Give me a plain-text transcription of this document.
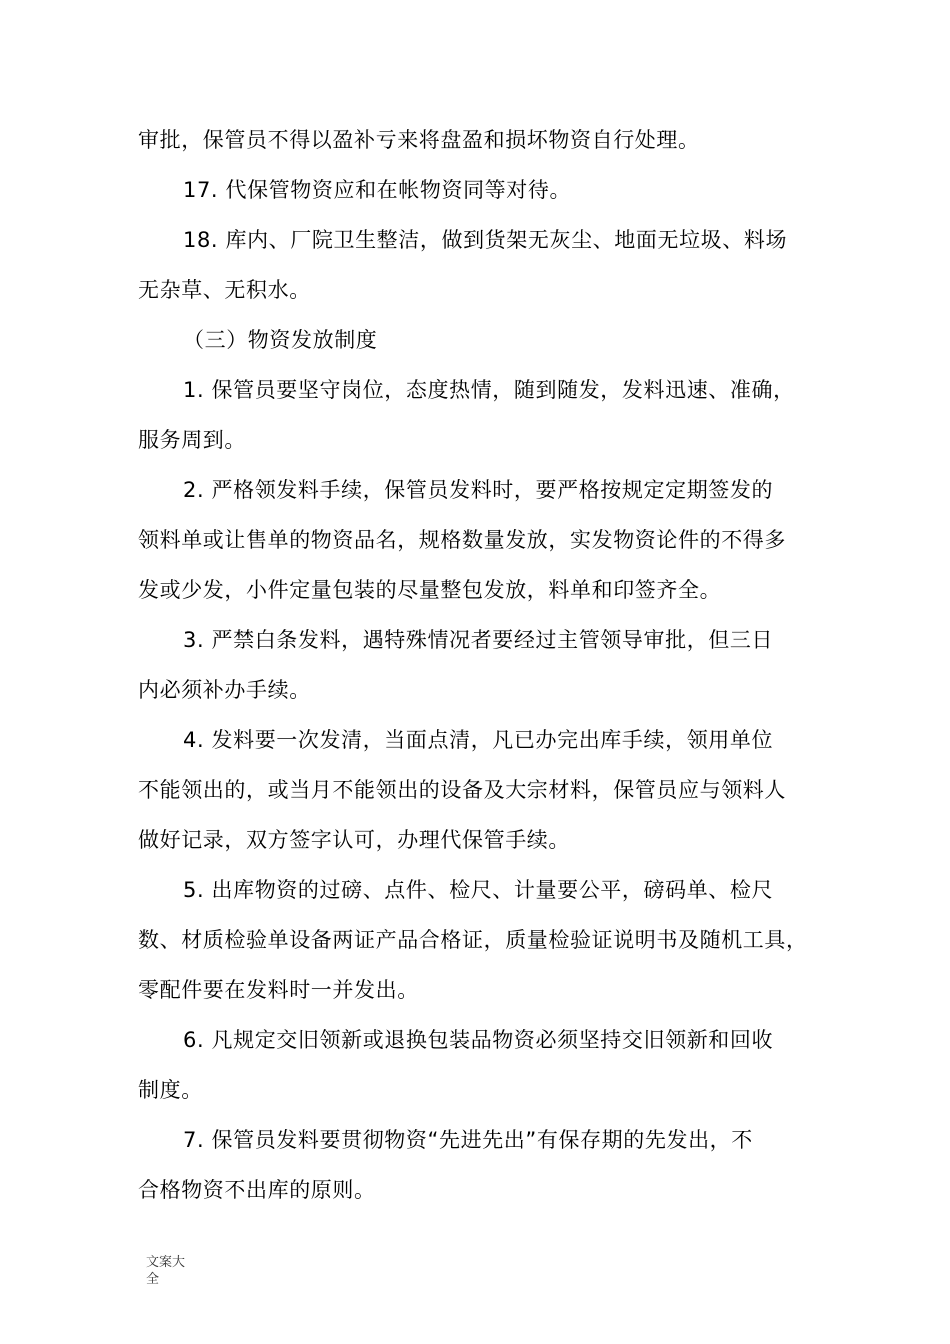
审批，保管员不得以盈补亏来将盘盈和损坏物资自行处理。
17. 代保管物资应和在帐物资同等对待。
18. 库内、厂院卫生整洁，做到货架无灰尘、地面无垃圾、料场
无杂草、无积水。
（三）物资发放制度
1. 保管员要坚守岗位，态度热情，随到随发，发料迅速、准确，
服务周到。
2. 严格领发料手续，保管员发料时，要严格按规定定期签发的
领料单或让售单的物资品名，规格数量发放，实发物资论件的不得多
发或少发，小件定量包装的尽量整包发放，料单和印签齐全。
3. 严禁白条发料，遇特殊情况者要经过主管领导审批，但三日
内必须补办手续。
4. 发料要一次发清，当面点清，凡已办完出库手续，领用单位
不能领出的，或当月不能领出的设备及大宗材料，保管员应与领料人
做好记录，双方签字认可，办理代保管手续。
5. 出库物资的过磅、点件、检尺、计量要公平，磅码单、检尺
数、材质检验单设备两证产品合格证，质量检验证说明书及随机工具，
零配件要在发料时一并发出。
6. 凡规定交旧领新或退换包装品物资必须坚持交旧领新和回收
制度。
7. 保管员发料要贯彻物资“先进先出”有保存期的先发出，不
合格物资不出库的原则。
文案大全
